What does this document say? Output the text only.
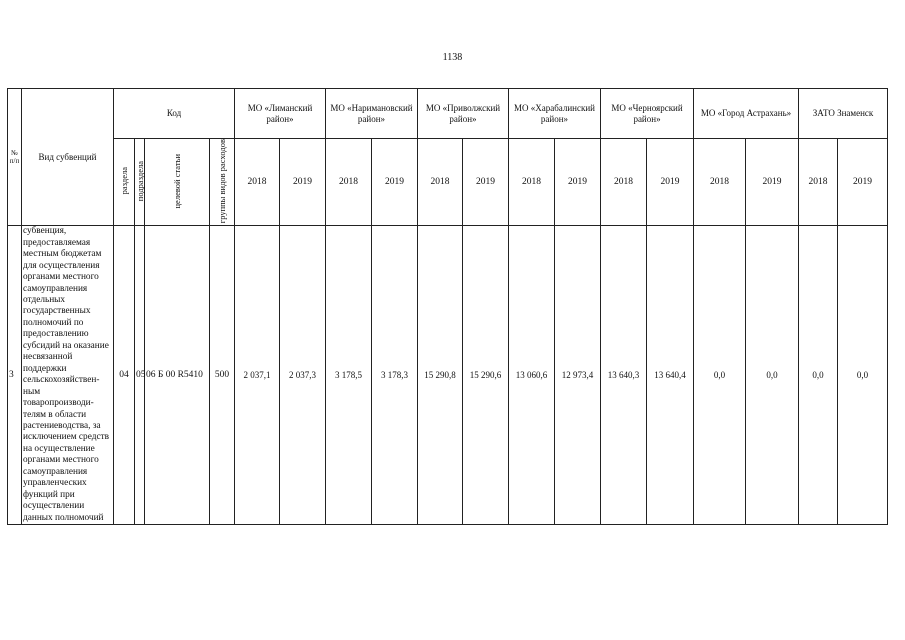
1138
№ п/п	Вид субвенций	Код				МО «Лиманский район»		МО «Наримановский район»		МО «Приволжский район»		МО «Харабалинский район»		МО «Черноярский район»		МО «Город Астрахань»		ЗАТО Знаменск	
		раздела	подраздела	целевой статьи	группы видов расходов	2018	2019	2018	2019	2018	2019	2018	2019	2018	2019	2018	2019	2018	2019
3	субвенция, предоставляемая местным бюджетам для осуществления органами местного самоуправления отдельных государственных полномочий по предоставлению субсидий на оказание несвязанной поддержки сельскохозяйствен-ным товаропроизводи-телям в области растениеводства, за исключением средств на осуществление органами местного самоуправления управленческих функций при осуществлении данных полномочий	04	05	06 Б 00 R5410	500	2 037,1	2 037,3	3 178,5	3 178,3	15 290,8	15 290,6	13 060,6	12 973,4	13 640,3	13 640,4	0,0	0,0	0,0	0,0
